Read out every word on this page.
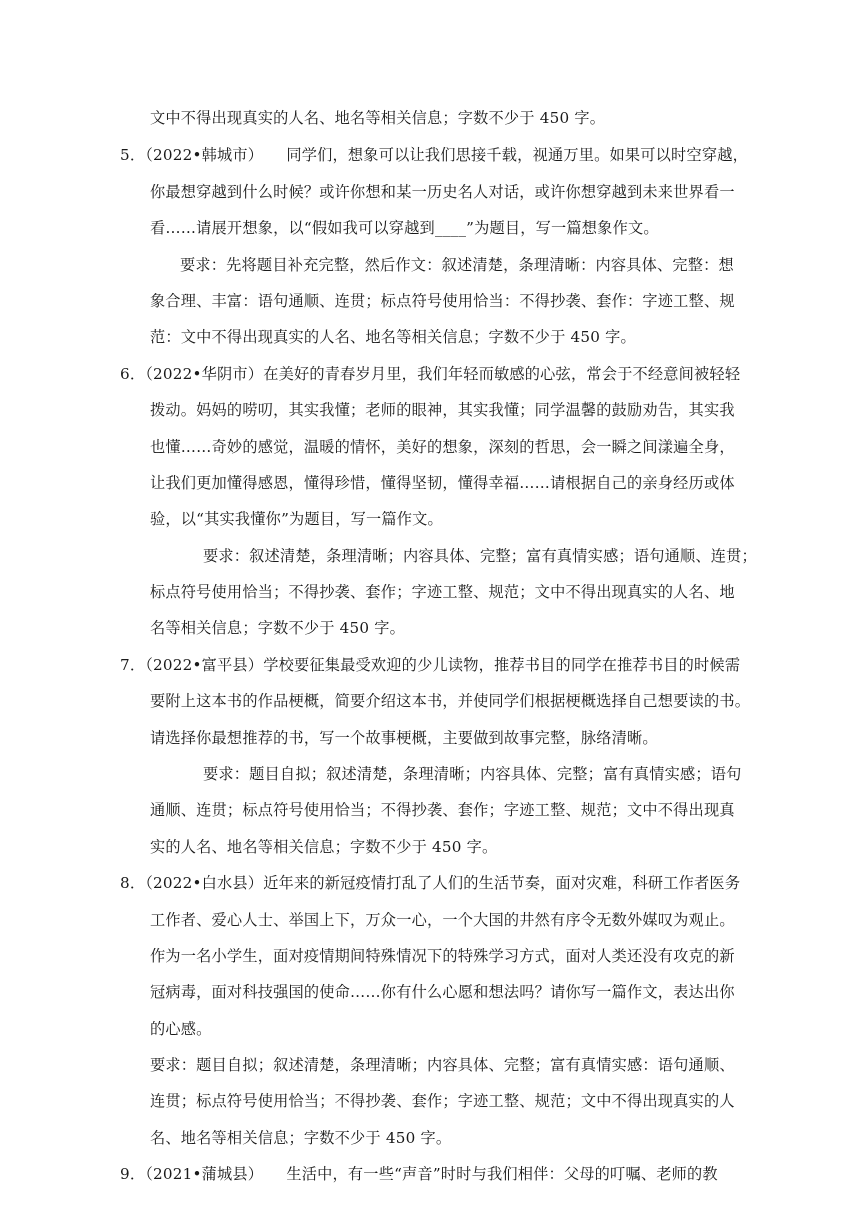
文中不得出现真实的人名、地名等相关信息；字数不少于 450 字。
5．（2022•韩城市）　　同学们，想象可以让我们思接千载，视通万里。如果可以时空穿越，
你最想穿越到什么时候？或许你想和某一历史名人对话，或许你想穿越到未来世界看一
看……请展开想象，以“假如我可以穿越到____”为题目，写一篇想象作文。
要求：先将题目补充完整，然后作文：叙述清楚，条理清晰：内容具体、完整：想
象合理、丰富：语句通顺、连贯；标点符号使用恰当：不得抄袭、套作：字迹工整、规
范：文中不得出现真实的人名、地名等相关信息；字数不少于 450 字。
6．（2022•华阴市）在美好的青春岁月里，我们年轻而敏感的心弦，常会于不经意间被轻轻
拨动。妈妈的唠叨，其实我懂；老师的眼神，其实我懂；同学温馨的鼓励劝告，其实我
也懂……奇妙的感觉，温暖的情怀，美好的想象，深刻的哲思，会一瞬之间漾遍全身，
让我们更加懂得感恩，懂得珍惜，懂得坚韧，懂得幸福……请根据自己的亲身经历或体
验，以“其实我懂你”为题目，写一篇作文。
要求：叙述清楚，条理清晰；内容具体、完整；富有真情实感；语句通顺、连贯；
标点符号使用恰当；不得抄袭、套作；字迹工整、规范；文中不得出现真实的人名、地
名等相关信息；字数不少于 450 字。
7．（2022•富平县）学校要征集最受欢迎的少儿读物，推荐书目的同学在推荐书目的时候需
要附上这本书的作品梗概，简要介绍这本书，并使同学们根据梗概选择自己想要读的书。
请选择你最想推荐的书，写一个故事梗概，主要做到故事完整，脉络清晰。
要求：题目自拟；叙述清楚，条理清晰；内容具体、完整；富有真情实感；语句
通顺、连贯；标点符号使用恰当；不得抄袭、套作；字迹工整、规范；文中不得出现真
实的人名、地名等相关信息；字数不少于 450 字。
8．（2022•白水县）近年来的新冠疫情打乱了人们的生活节奏，面对灾难，科研工作者医务
工作者、爱心人士、举国上下，万众一心，一个大国的井然有序令无数外媒叹为观止。
作为一名小学生，面对疫情期间特殊情况下的特殊学习方式，面对人类还没有攻克的新
冠病毒，面对科技强国的使命……你有什么心愿和想法吗？请你写一篇作文，表达出你
的心感。
要求：题目自拟；叙述清楚，条理清晰；内容具体、完整；富有真情实感：语句通顺、
连贯；标点符号使用恰当；不得抄袭、套作；字迹工整、规范；文中不得出现真实的人
名、地名等相关信息；字数不少于 450 字。
9．（2021•蒲城县）　　生活中，有一些“声音”时时与我们相伴：父母的叮嘱、老师的教
